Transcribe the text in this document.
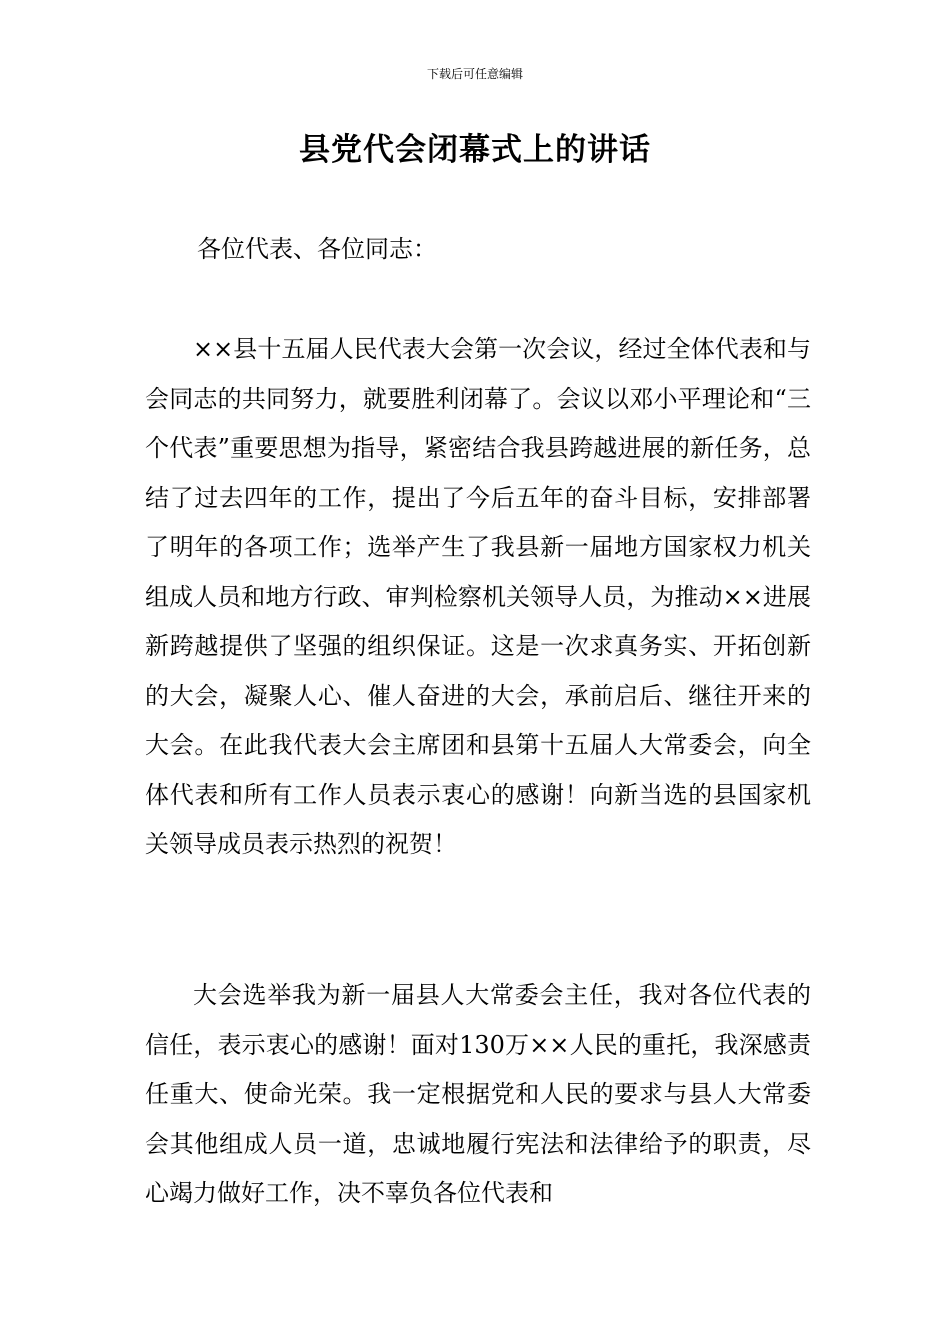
下载后可任意编辑
县党代会闭幕式上的讲话
各位代表、各位同志：

××县十五届人民代表大会第一次会议，经过全体代表和与会同志的共同努力，就要胜利闭幕了。会议以邓小平理论和“三个代表”重要思想为指导，紧密结合我县跨越进展的新任务，总结了过去四年的工作，提出了今后五年的奋斗目标，安排部署了明年的各项工作；选举产生了我县新一届地方国家权力机关组成人员和地方行政、审判检察机关领导人员，为推动××进展新跨越提供了坚强的组织保证。这是一次求真务实、开拓创新的大会，凝聚人心、催人奋进的大会，承前启后、继往开来的大会。在此我代表大会主席团和县第十五届人大常委会，向全体代表和所有工作人员表示衷心的感谢！向新当选的县国家机关领导成员表示热烈的祝贺！

大会选举我为新一届县人大常委会主任，我对各位代表的信任，表示衷心的感谢！面对130万××人民的重托，我深感责任重大、使命光荣。我一定根据党和人民的要求与县人大常委会其他组成人员一道，忠诚地履行宪法和法律给予的职责，尽心竭力做好工作，决不辜负各位代表和
